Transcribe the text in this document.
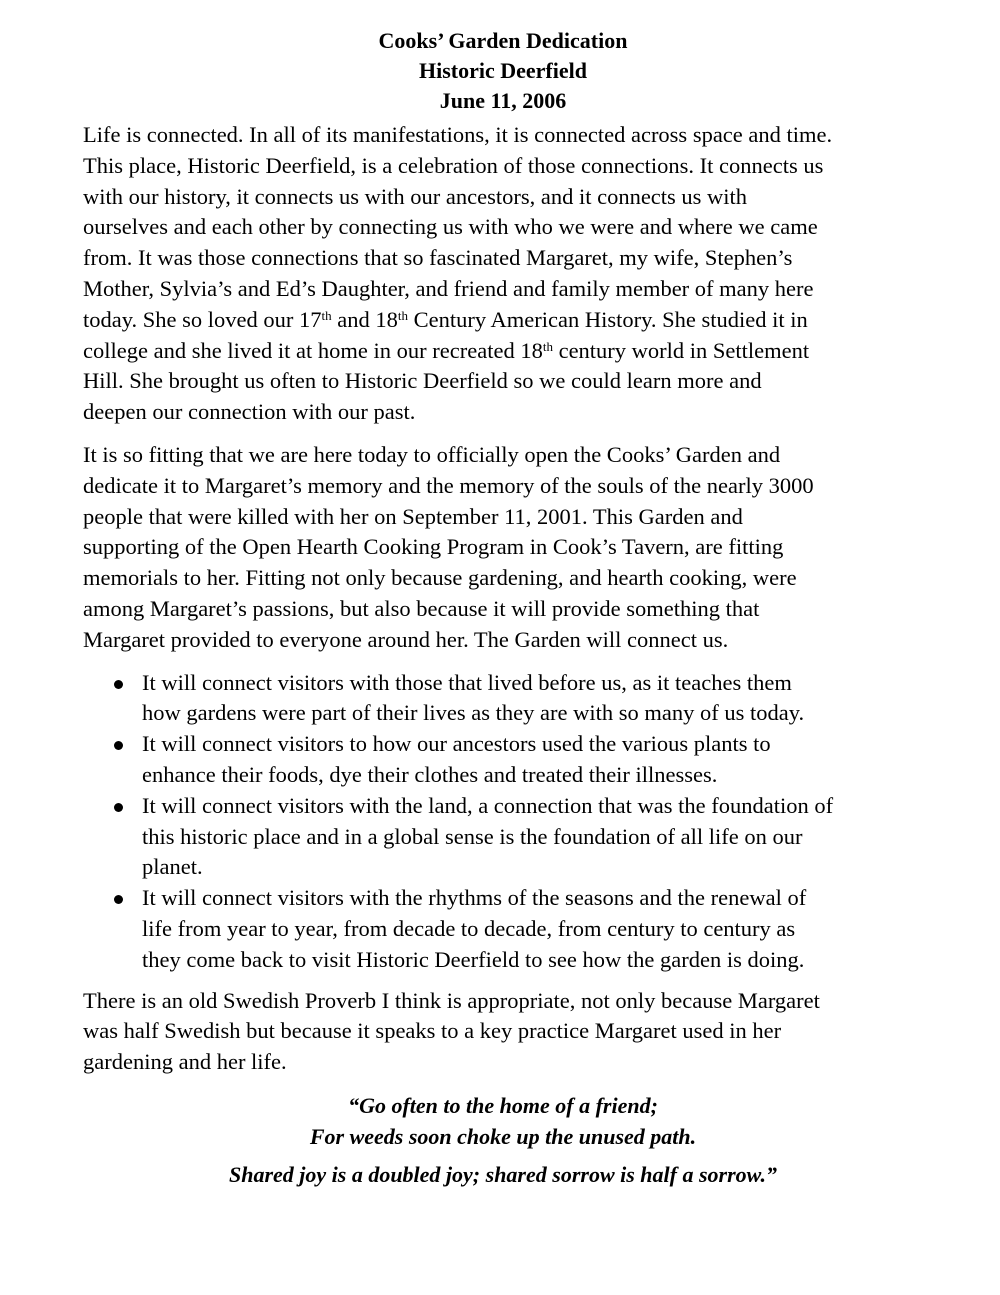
Cooks’ Garden Dedication
Historic Deerfield
June 11, 2006

Life is connected. In all of its manifestations, it is connected across space and time.
This place, Historic Deerfield, is a celebration of those connections. It connects us
with our history, it connects us with our ancestors, and it connects us with
ourselves and each other by connecting us with who we were and where we came
from. It was those connections that so fascinated Margaret, my wife, Stephen’s
Mother, Sylvia’s and Ed’s Daughter, and friend and family member of many here
today. She so loved our 17th and 18th Century American History. She studied it in
college and she lived it at home in our recreated 18th century world in Settlement
Hill. She brought us often to Historic Deerfield so we could learn more and
deepen our connection with our past.

It is so fitting that we are here today to officially open the Cooks’ Garden and
dedicate it to Margaret’s memory and the memory of the souls of the nearly 3000
people that were killed with her on September 11, 2001. This Garden and
supporting of the Open Hearth Cooking Program in Cook’s Tavern, are fitting
memorials to her. Fitting not only because gardening, and hearth cooking, were
among Margaret’s passions, but also because it will provide something that
Margaret provided to everyone around her. The Garden will connect us.

It will connect visitors with those that lived before us, as it teaches them
how gardens were part of their lives as they are with so many of us today.
It will connect visitors to how our ancestors used the various plants to
enhance their foods, dye their clothes and treated their illnesses.
It will connect visitors with the land, a connection that was the foundation of
this historic place and in a global sense is the foundation of all life on our
planet.
It will connect visitors with the rhythms of the seasons and the renewal of
life from year to year, from decade to decade, from century to century as
they come back to visit Historic Deerfield to see how the garden is doing.

There is an old Swedish Proverb I think is appropriate, not only because Margaret
was half Swedish but because it speaks to a key practice Margaret used in her
gardening and her life.

“Go often to the home of a friend;
For weeds soon choke up the unused path.
Shared joy is a doubled joy; shared sorrow is half a sorrow.”
